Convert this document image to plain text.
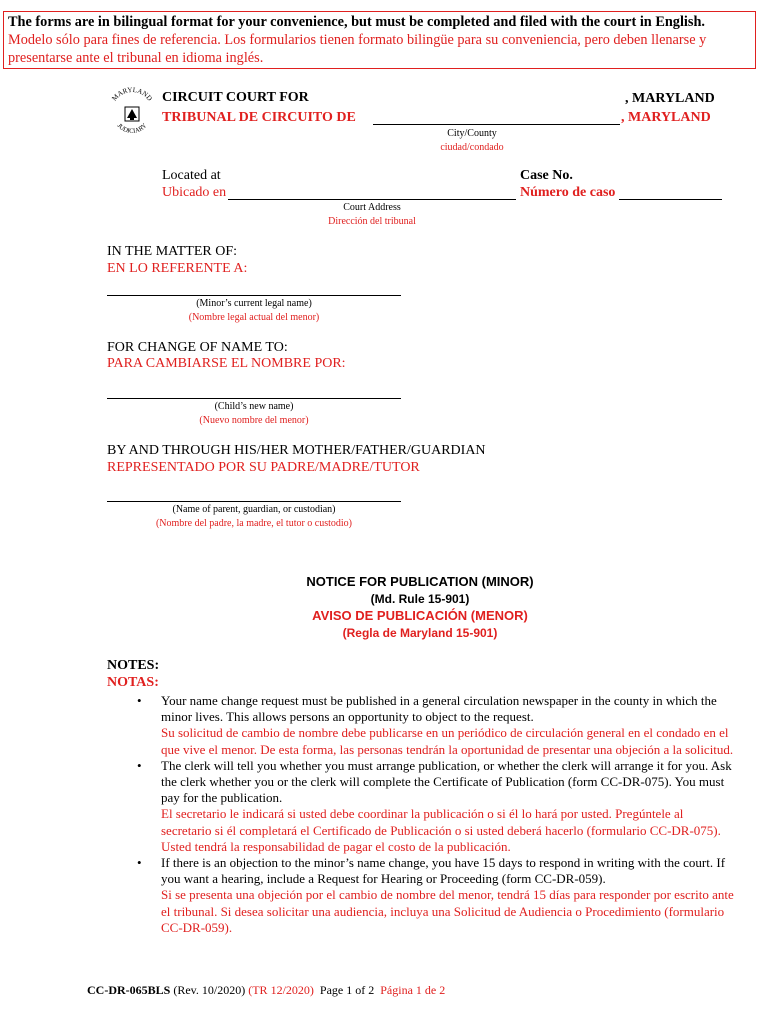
The forms are in bilingual format for your convenience, but must be completed and filed with the court in English.
Modelo sólo para fines de referencia. Los formularios tienen formato bilingüe para su conveniencia, pero deben llenarse y presentarse ante el tribunal en idioma inglés.
MARYLAND
JUDICIARY
CIRCUIT COURT FOR	, MARYLAND
TRIBUNAL DE CIRCUITO DE	, MARYLAND
City/County
ciudad/condado
Located at
Ubicado en
Case No.
Número de caso
Court Address
Dirección del tribunal
IN THE MATTER OF:
EN LO REFERENTE A:
(Minor’s current legal name)
(Nombre legal actual del menor)
FOR CHANGE OF NAME TO:
PARA CAMBIARSE EL NOMBRE POR:
(Child’s new name)
(Nuevo nombre del menor)
BY AND THROUGH HIS/HER MOTHER/FATHER/GUARDIAN
REPRESENTADO POR SU PADRE/MADRE/TUTOR
(Name of parent, guardian, or custodian)
(Nombre del padre, la madre, el tutor o custodio)
NOTICE FOR PUBLICATION (MINOR)
(Md. Rule 15-901)
AVISO DE PUBLICACIÓN (MENOR)
(Regla de Maryland 15-901)
NOTES:
NOTAS:
• Your name change request must be published in a general circulation newspaper in the county in which the minor lives. This allows persons an opportunity to object to the request.
Su solicitud de cambio de nombre debe publicarse en un periódico de circulación general en el condado en el que vive el menor. De esta forma, las personas tendrán la oportunidad de presentar una objeción a la solicitud.
• The clerk will tell you whether you must arrange publication, or whether the clerk will arrange it for you. Ask the clerk whether you or the clerk will complete the Certificate of Publication (form CC-DR-075). You must pay for the publication.
El secretario le indicará si usted debe coordinar la publicación o si él lo hará por usted. Pregúntele al secretario si él completará el Certificado de Publicación o si usted deberá hacerlo (formulario CC-DR-075). Usted tendrá la responsabilidad de pagar el costo de la publicación.
• If there is an objection to the minor’s name change, you have 15 days to respond in writing with the court. If you want a hearing, include a Request for Hearing or Proceeding (form CC-DR-059).
Si se presenta una objeción por el cambio de nombre del menor, tendrá 15 días para responder por escrito ante el tribunal. Si desea solicitar una audiencia, incluya una Solicitud de Audiencia o Procedimiento (formulario CC-DR-059).
CC-DR-065BLS (Rev. 10/2020) (TR 12/2020) Page 1 of 2 Página 1 de 2
